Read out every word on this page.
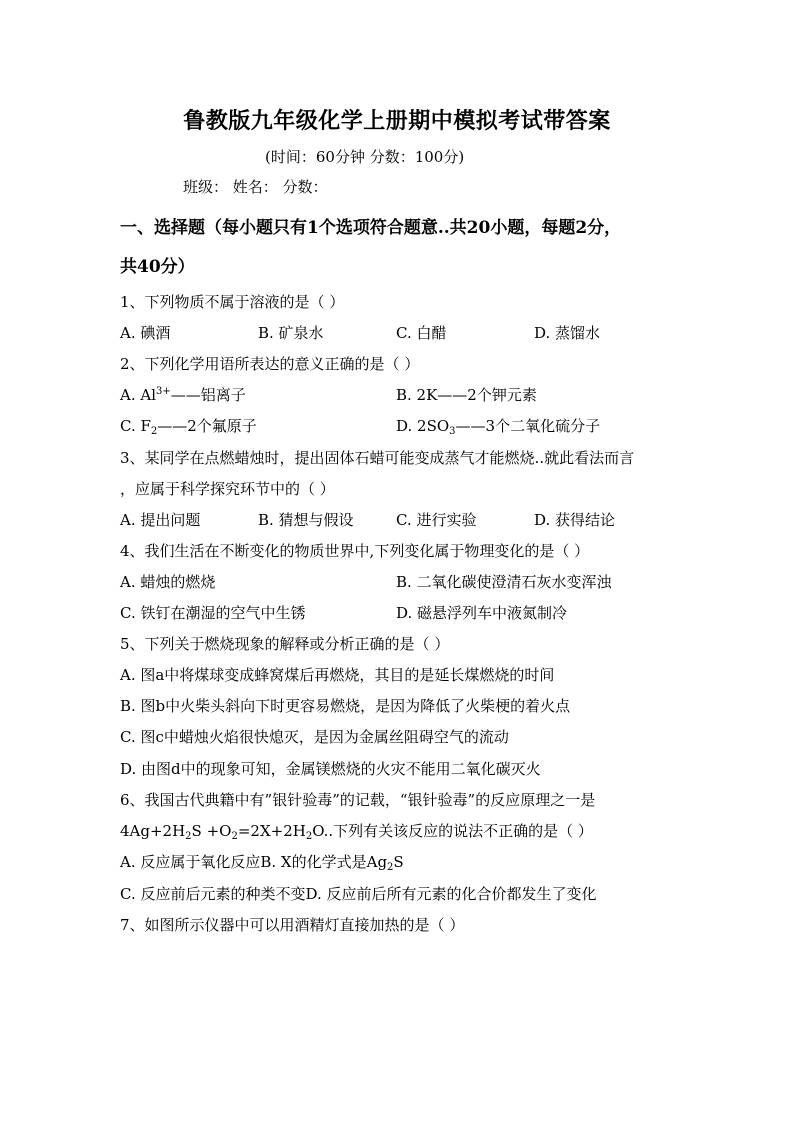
鲁教版九年级化学上册期中模拟考试带答案
(时间：60分钟 分数：100分)
班级： 姓名： 分数：
一、选择题（每小题只有1个选项符合题意..共20小题，每题2分，
共40分）
1、下列物质不属于溶液的是（ ）
A. 碘酒	B. 矿泉水	C. 白醋	D. 蒸馏水
2、下列化学用语所表达的意义正确的是（ ）
A. $Al^{3+}——$铝离子	B. 2K——2个钾元素
C. $F_2——2$个氟原子	D. $2SO_3——3$个二氧化硫分子
3、某同学在点燃蜡烛时，提出固体石蜡可能变成蒸气才能燃烧..就此看法而言
，应属于科学探究环节中的（ ）
A. 提出问题	B. 猜想与假设	C. 进行实验	D. 获得结论
4、我们生活在不断变化的物质世界中,下列变化属于物理变化的是（ ）
A. 蜡烛的燃烧	B. 二氧化碳使澄清石灰水变浑浊
C. 铁钉在潮湿的空气中生锈	D. 磁悬浮列车中液氮制冷
5、下列关于燃烧现象的解释或分析正确的是（ ）
A. 图a中将煤球变成蜂窝煤后再燃烧，其目的是延长煤燃烧的时间
B. 图b中火柴头斜向下时更容易燃烧，是因为降低了火柴梗的着火点
C. 图c中蜡烛火焰很快熄灭，是因为金属丝阻碍空气的流动
D. 由图d中的现象可知，金属镁燃烧的火灾不能用二氧化碳灭火
6、我国古代典籍中有”银针验毒”的记载，“银针验毒”的反应原理之一是
$4Ag+2H_2S +O_2=2X+2H_2O$..下列有关该反应的说法不正确的是（ ）
A. 反应属于氧化反应B. X的化学式是$Ag_2S$
C. 反应前后元素的种类不变D. 反应前后所有元素的化合价都发生了变化
7、如图所示仪器中可以用酒精灯直接加热的是（ ）
